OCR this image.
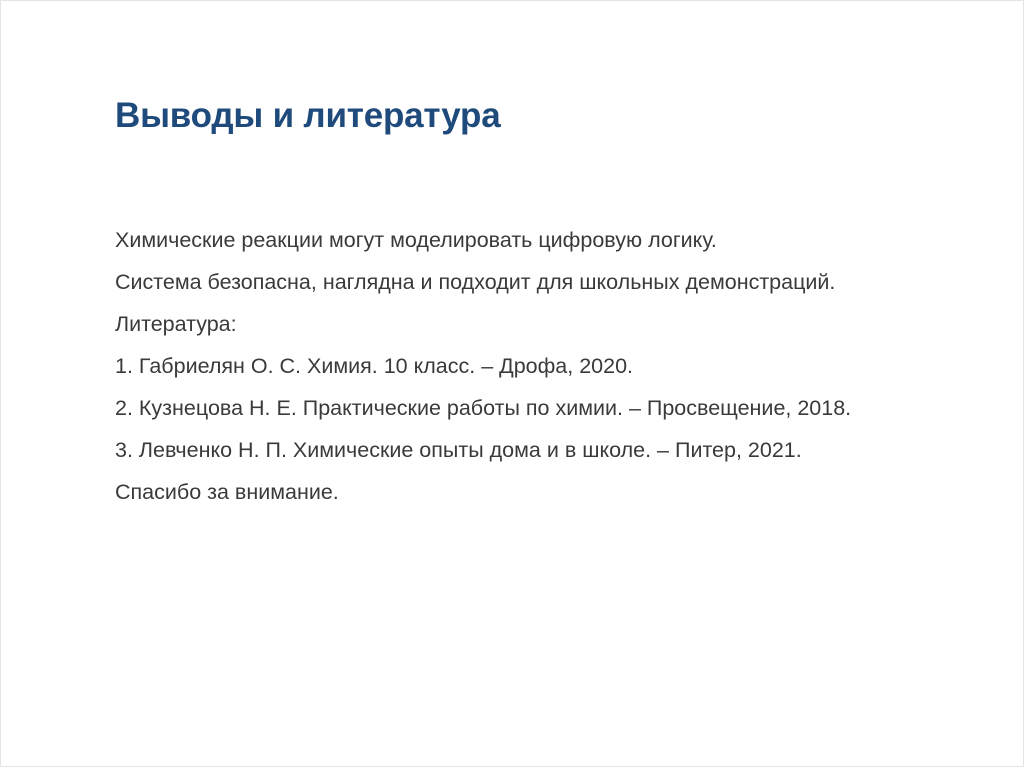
Выводы и литература

Химические реакции могут моделировать цифровую логику.

Система безопасна, наглядна и подходит для школьных демонстраций.

Литература:

1. Габриелян О. С. Химия. 10 класс. – Дрофа, 2020.

2. Кузнецова Н. Е. Практические работы по химии. – Просвещение, 2018.

3. Левченко Н. П. Химические опыты дома и в школе. – Питер, 2021.

Спасибо за внимание.
